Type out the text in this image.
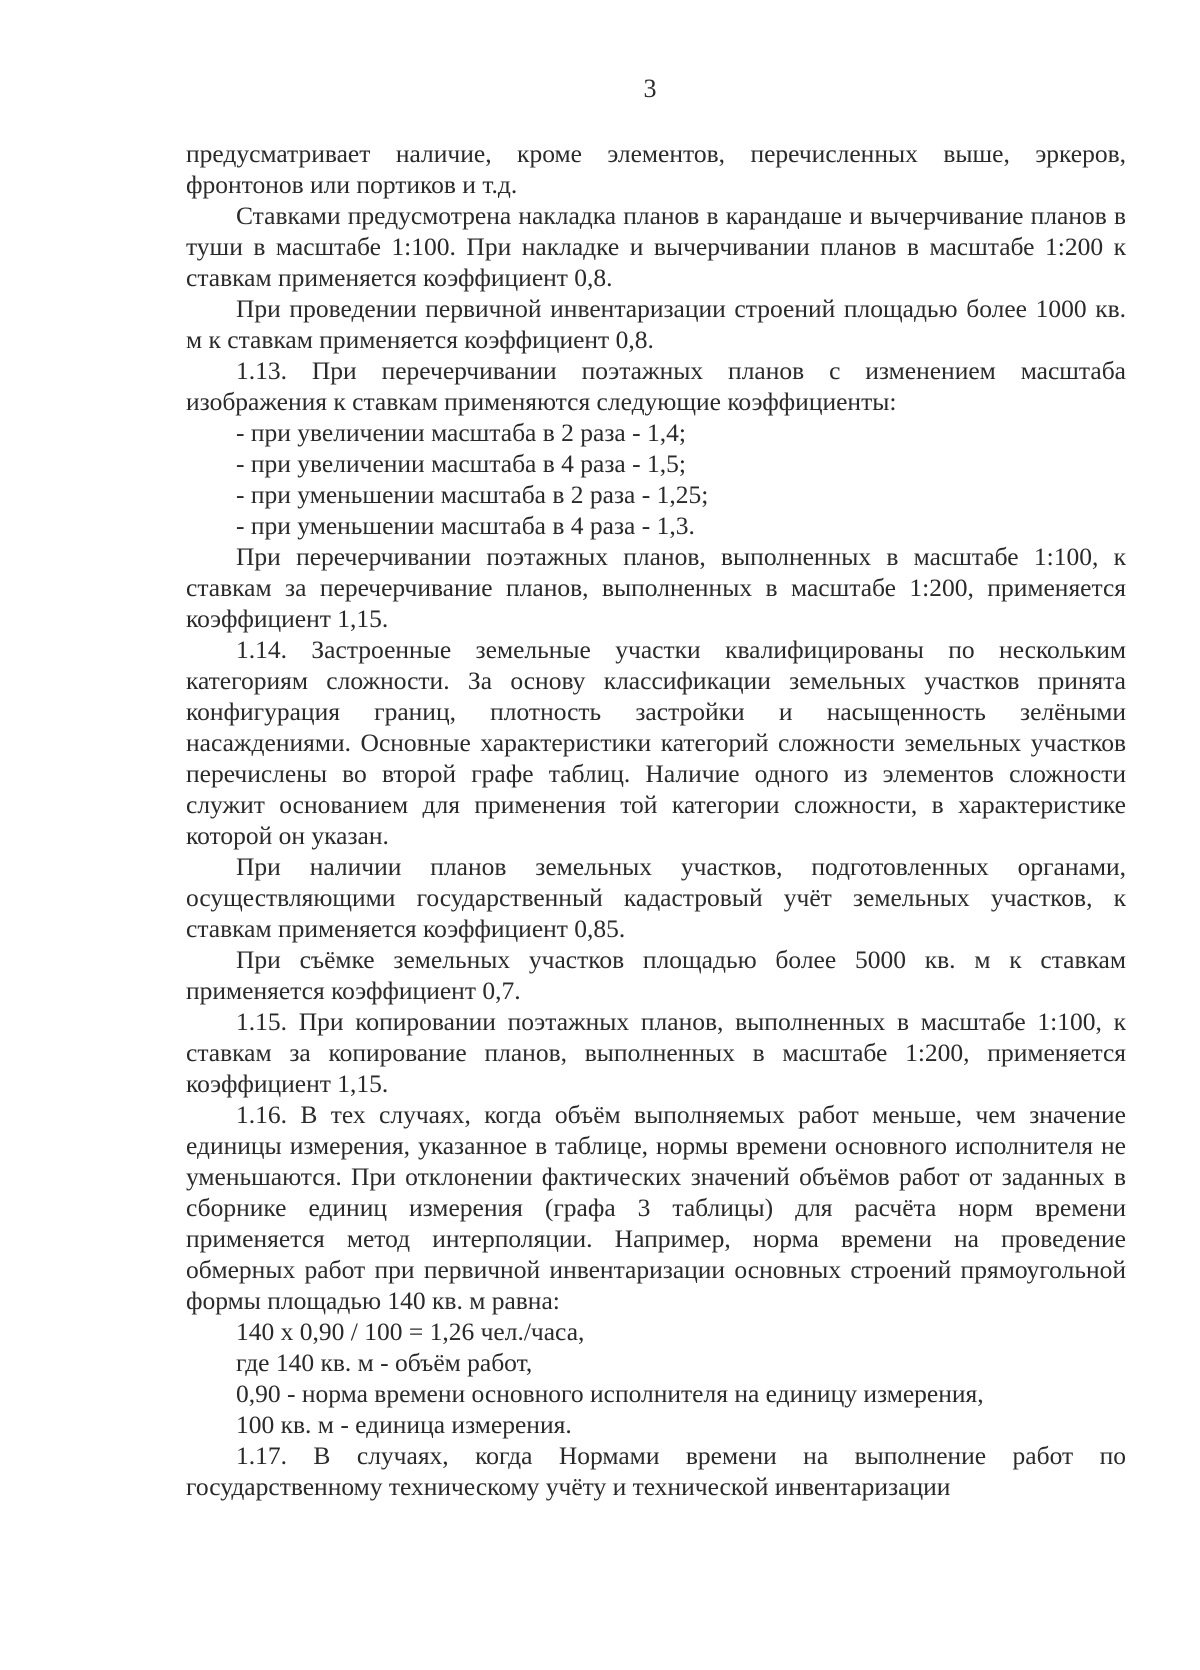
3

предусматривает наличие, кроме элементов, перечисленных выше, эркеров, фронтонов или портиков и т.д.

Ставками предусмотрена накладка планов в карандаше и вычерчивание планов в туши в масштабе 1:100. При накладке и вычерчивании планов в масштабе 1:200 к ставкам применяется коэффициент 0,8.

При проведении первичной инвентаризации строений площадью более 1000 кв. м к ставкам применяется коэффициент 0,8.

1.13. При перечерчивании поэтажных планов с изменением масштаба изображения к ставкам применяются следующие коэффициенты:

- при увеличении масштаба в 2 раза - 1,4;

- при увеличении масштаба в 4 раза - 1,5;

- при уменьшении масштаба в 2 раза - 1,25;

- при уменьшении масштаба в 4 раза - 1,3.

При перечерчивании поэтажных планов, выполненных в масштабе 1:100, к ставкам за перечерчивание планов, выполненных в масштабе 1:200, применяется коэффициент 1,15.

1.14. Застроенные земельные участки квалифицированы по нескольким категориям сложности. За основу классификации земельных участков принята конфигурация границ, плотность застройки и насыщенность зелёными насаждениями. Основные характеристики категорий сложности земельных участков перечислены во второй графе таблиц. Наличие одного из элементов сложности служит основанием для применения той категории сложности, в характеристике которой он указан.

При наличии планов земельных участков, подготовленных органами, осуществляющими государственный кадастровый учёт земельных участков, к ставкам применяется коэффициент 0,85.

При съёмке земельных участков площадью более 5000 кв. м к ставкам применяется коэффициент 0,7.

1.15. При копировании поэтажных планов, выполненных в масштабе 1:100, к ставкам за копирование планов, выполненных в масштабе 1:200, применяется коэффициент 1,15.

1.16. В тех случаях, когда объём выполняемых работ меньше, чем значение единицы измерения, указанное в таблице, нормы времени основного исполнителя не уменьшаются. При отклонении фактических значений объёмов работ от заданных в сборнике единиц измерения (графа 3 таблицы) для расчёта норм времени применяется метод интерполяции. Например, норма времени на проведение обмерных работ при первичной инвентаризации основных строений прямоугольной формы площадью 140 кв. м равна:

140 х 0,90 / 100 = 1,26 чел./часа,

где 140 кв. м - объём работ,

0,90 - норма времени основного исполнителя на единицу измерения,

100 кв. м - единица измерения.

1.17. В случаях, когда Нормами времени на выполнение работ по государственному техническому учёту и технической инвентаризации
